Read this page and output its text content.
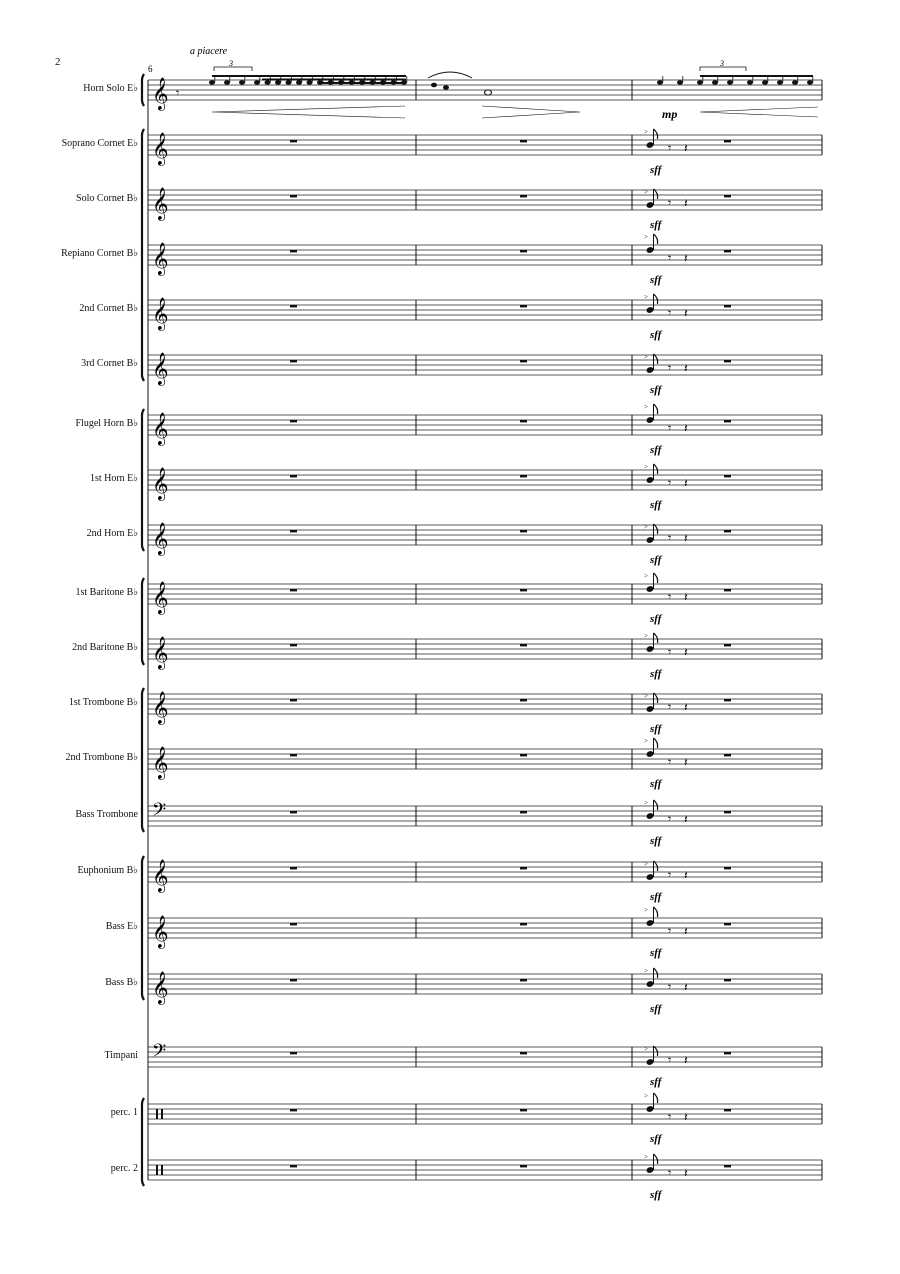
2
Horn Solo E♭
Soprano Cornet E♭
Solo Cornet B♭
Repiano Cornet B♭
2nd Cornet B♭
3rd Cornet B♭
Flugel Horn B♭
1st Horn E♭
2nd Horn E♭
1st Baritone B♭
2nd Baritone B♭
1st Trombone B♭
2nd Trombone B♭
Bass Trombone
Euphonium B♭
Bass E♭
Bass B♭
Timpani
perc. 1
perc. 2
𝄞
𝄞	>
𝄾 𝄽
sff
𝄞	>
𝄾 𝄽
sff
𝄞
>
𝄾 𝄽
sff
𝄞	>
𝄾 𝄽
sff
𝄞	>
𝄾 𝄽
sff
𝄞
>
𝄾 𝄽
sff
𝄞	>
𝄾 𝄽
sff
𝄞	>
𝄾 𝄽
sff
𝄞
>
𝄾 𝄽
sff
𝄞	>
𝄾 𝄽
sff
𝄞	>
𝄾 𝄽
sff
𝄞
>
𝄾 𝄽
sff
𝄢	>
𝄾 𝄽
sff
𝄞	>
𝄾 𝄽
sff
𝄞
>
𝄾 𝄽
sff
𝄞	>
𝄾 𝄽
sff
𝄢	>
𝄾 𝄽
sff
>
𝄾 𝄽
sff
>
𝄾 𝄽
sff
6
a piacere
3
𝄾
3
mp
